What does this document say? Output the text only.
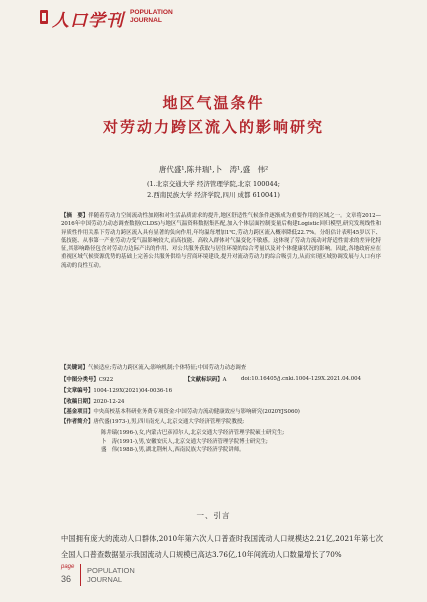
人口学刊 POPULATION
JOURNAL
地区气温条件
对劳动力跨区流入的影响研究
唐代盛¹,陈井瑞¹,卜　涛¹,盛　伟²
(1.北京交通大学 经济管理学院,北京 100044;
2.西南民族大学 经济学院,四川 成都 610041)
【摘　要】伴随着劳动力空间流动性加剧和对生活品质需求的提升,地区舒适性气候条件逐渐成为重要作用的区域之一。文章将2012—2016年中国劳动力动态调查数据(CLDS)与地区气温资料数据集匹配,加入个体层面控制变量后构建Logistic回归模型,研究发现线性和异质性作用关系下劳动力跨区流入具有显著的负向作用,年均温每增加1℃,劳动力跨区流入概率降低22.7%。分组估计表明45岁以下、低技能、从事第一产业劳动力受气温影响较大,而高技能、高收入群体对气温变化不敏感。这体现了劳动力流动对舒适性需求的差异化特征,其影响路径包含对劳动力边际产出的作用、对公共服务获取与居住环境的综合考量以及对个体健康状况的影响。因此,各地政府应在重视区域气候资源优势的基础上完善公共服务供给与营商环境建设,提升对流动劳动力的综合吸引力,从而实现区域协调发展与人口有序流动的良性互动。
【关键词】气候适应;劳动力跨区流入;影响机制;个体特征;中国劳动力动态调查
【中图分类号】C922	【文献标识码】A	doi:10.16405/j.cnki.1004-129X.2021.04.004
【文章编号】1004-129X(2021)04-0036-16
【收稿日期】2020-12-24
【基金项目】中央高校基本科研业务费专项资金:中国劳动力流动健康效应与影响研究(2020YJS060)
【作者简介】唐代盛(1973-),男,四川南充人,北京交通大学经济管理学院教授;
陈井瑞(1996-),女,内蒙古巴彦淖尔人,北京交通大学经济管理学院硕士研究生;
卜　涛(1991-),男,安徽安庆人,北京交通大学经济管理学院博士研究生;
盛　伟(1988-),男,湖北荆州人,西南民族大学经济学院讲师。
一、引言
中国拥有庞大的流动人口群体,2010年第六次人口普查时我国流动人口规模达2.21亿,2021年第七次全国人口普查数据显示我国流动人口规模已高达3.76亿,10年间流动人口数量增长了70%
page
36
POPULATION
JOURNAL
